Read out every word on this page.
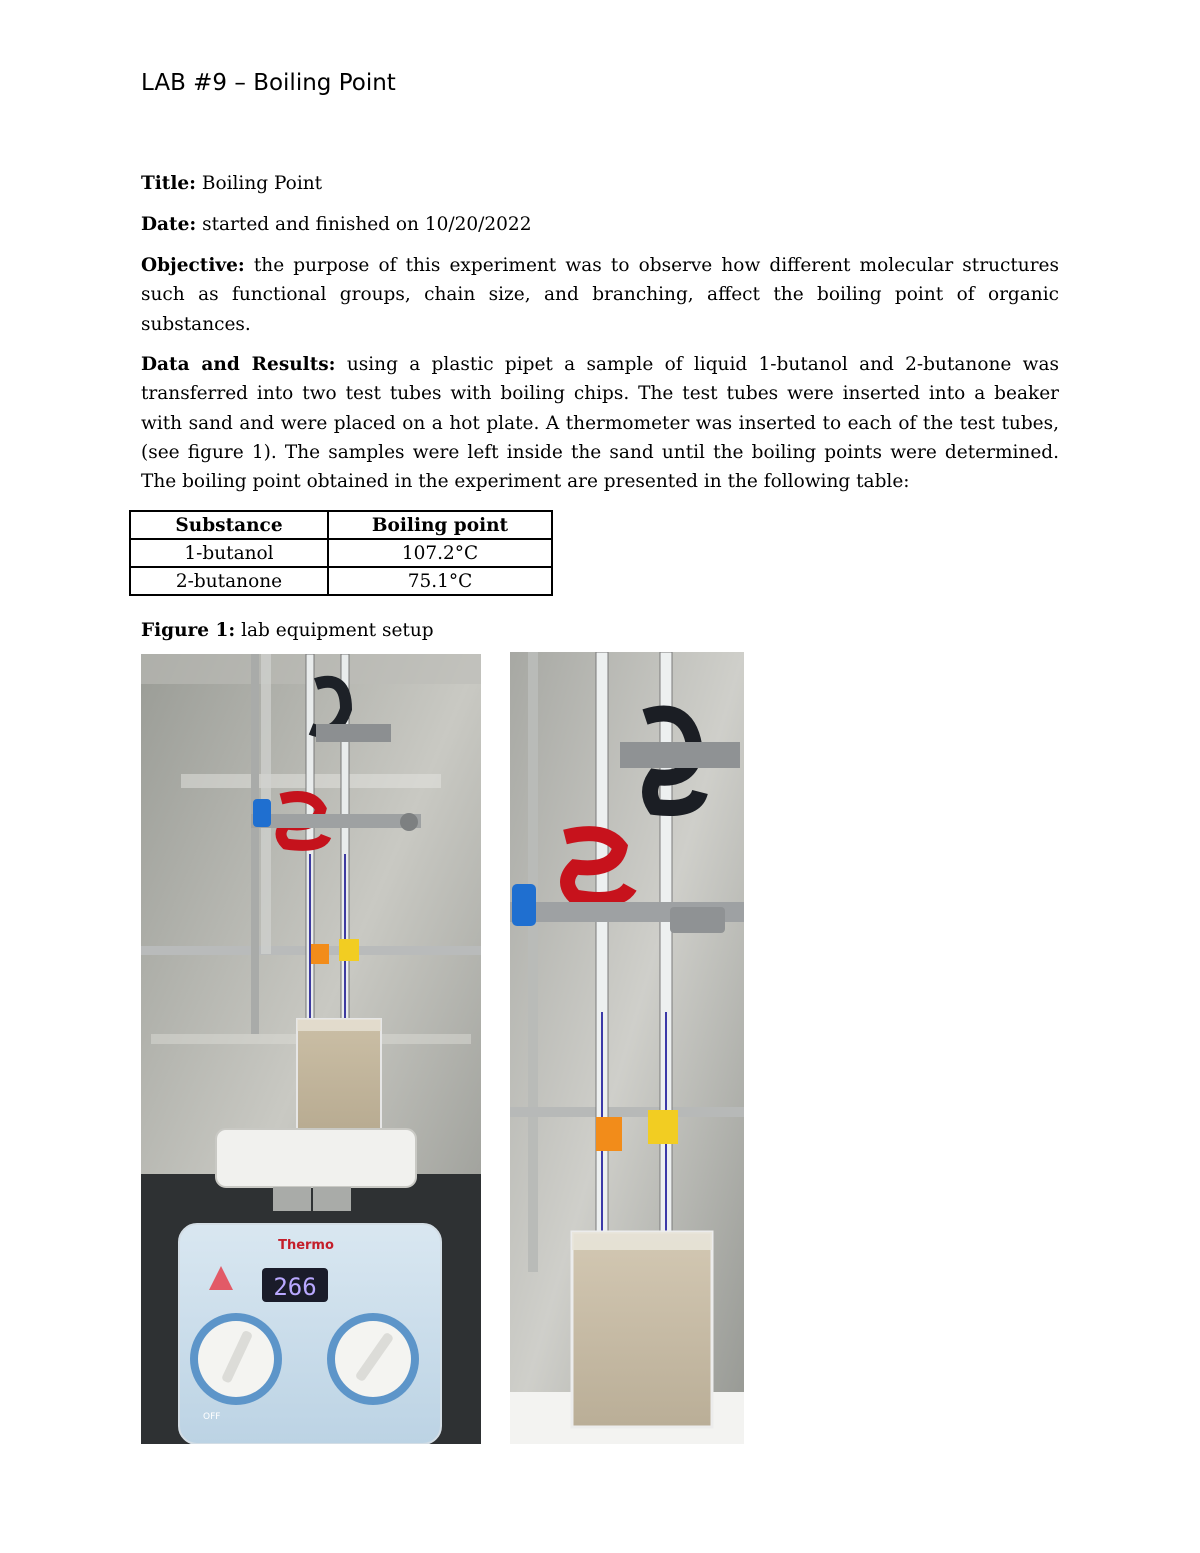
LAB #9 – Boiling Point
Title: Boiling Point
Date: started and finished on 10/20/2022
Objective: the purpose of this experiment was to observe how different molecular structures such as functional groups, chain size, and branching, affect the boiling point of organic substances.
Data and Results: using a plastic pipet a sample of liquid 1-butanol and 2-butanone was transferred into two test tubes with boiling chips. The test tubes were inserted into a beaker with sand and were placed on a hot plate. A thermometer was inserted to each of the test tubes, (see figure 1). The samples were left inside the sand until the boiling points were determined. The boiling point obtained in the experiment are presented in the following table:
Substance	Boiling point
1-butanol	107.2°C
2-butanone	75.1°C
Figure 1: lab equipment setup
Thermo
266
OFF
